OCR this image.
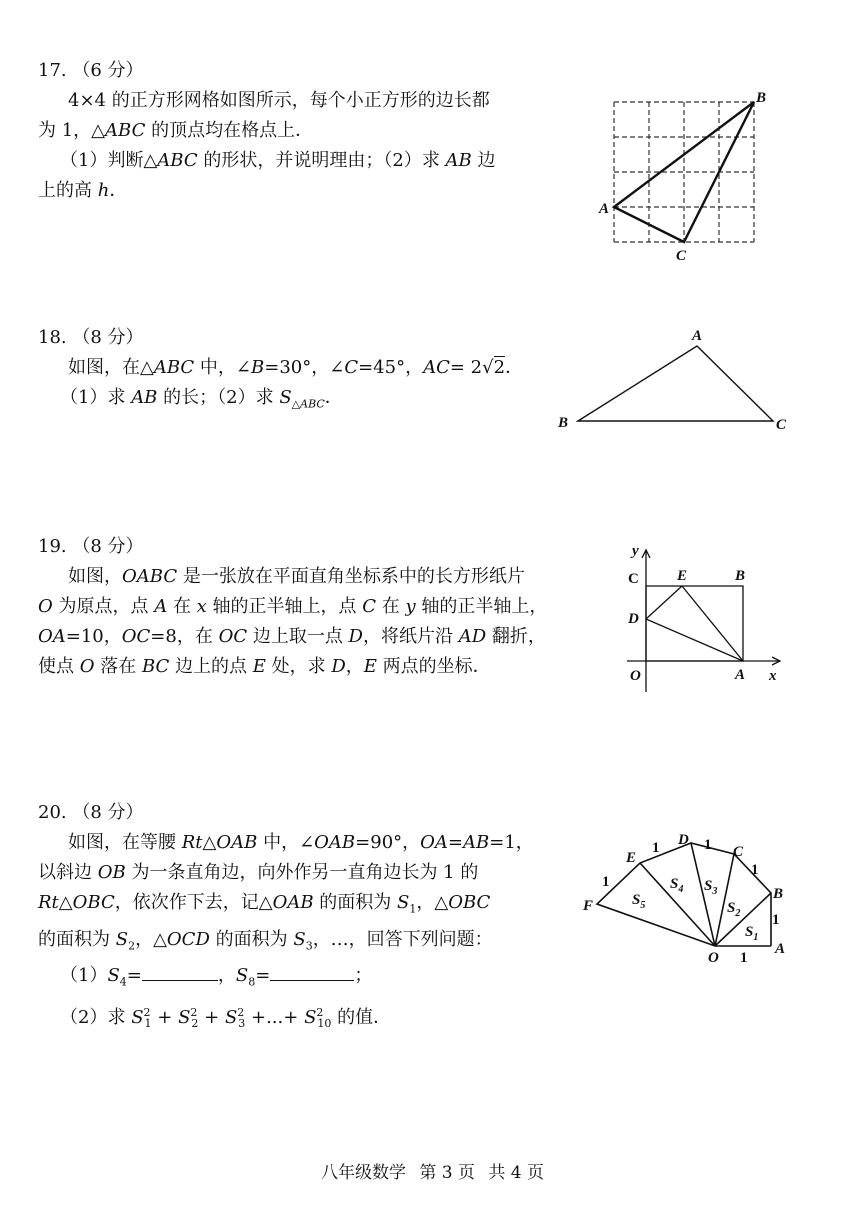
17. （6 分）

4×4 的正方形网格如图所示，每个小正方形的边长都

为 1，△ABC 的顶点均在格点上．

（1）判断△ABC 的形状，并说明理由；（2）求 AB 边

上的高 h．

A
B
C

18. （8 分）

如图，在△ABC 中，∠B=30°，∠C=45°，AC= 2√2．

（1）求 AB 的长；（2）求 $S_{\triangle ABC}$．

A
B	C

19. （8 分）

如图，OABC 是一张放在平面直角坐标系中的长方形纸片

O 为原点，点 A 在 x 轴的正半轴上，点 C 在 y 轴的正半轴上，

OA=10，OC=8，在 OC 边上取一点 D，将纸片沿 AD 翻折，

使点 O 落在 BC 边上的点 E 处，求 D，E 两点的坐标．

y
x
C	E	B
D
O	A

20. （8 分）

如图，在等腰 Rt△OAB 中，∠OAB=90°，OA=AB=1，

以斜边 OB 为一条直角边，向外作另一直角边长为 1 的

Rt△OBC，依次作下去，记△OAB 的面积为 $S_1$，△OBC

的面积为 $S_2$，△OCD 的面积为 $S_3$，…，回答下列问题：

$(1)S_4=$	，$S_8=$	；

（2）求 $S^2_1 + S^2_2 + S^2_3$ +...+ $S^2_{10}$ 的值．

F
E
D
C
B
A
O
1
1	1
1
1
1
$S_5$
$S_4$ $S_3$
$S_2$
$S_1$
八年级数学 第 3 页 共 4 页
